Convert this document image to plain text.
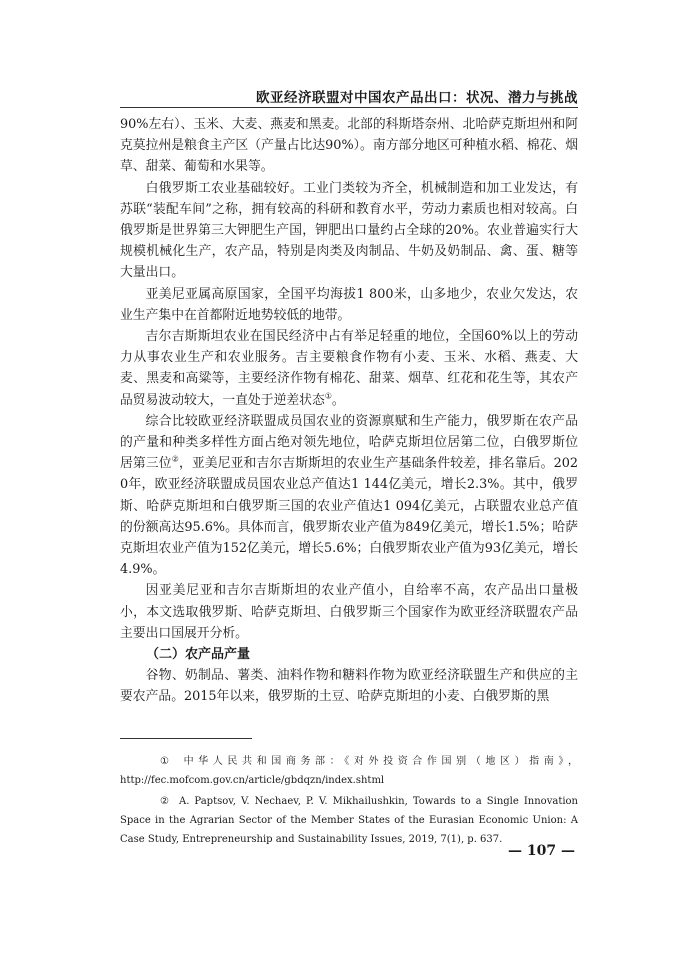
欧亚经济联盟对中国农产品出口：状况、潜力与挑战

90%左右）、玉米、大麦、燕麦和黑麦。北部的科斯塔奈州、北哈萨克斯坦州和阿克莫拉州是粮食主产区（产量占比达90%）。南方部分地区可种植水稻、棉花、烟草、甜菜、葡萄和水果等。

白俄罗斯工农业基础较好。工业门类较为齐全，机械制造和加工业发达，有苏联“装配车间”之称，拥有较高的科研和教育水平，劳动力素质也相对较高。白俄罗斯是世界第三大钾肥生产国，钾肥出口量约占全球的20%。农业普遍实行大规模机械化生产，农产品，特别是肉类及肉制品、牛奶及奶制品、禽、蛋、糖等大量出口。

亚美尼亚属高原国家，全国平均海拔1 800米，山多地少，农业欠发达，农业生产集中在首都附近地势较低的地带。

吉尔吉斯斯坦农业在国民经济中占有举足轻重的地位，全国60%以上的劳动力从事农业生产和农业服务。吉主要粮食作物有小麦、玉米、水稻、燕麦、大麦、黑麦和高粱等，主要经济作物有棉花、甜菜、烟草、红花和花生等，其农产品贸易波动较大，一直处于逆差状态①。

综合比较欧亚经济联盟成员国农业的资源禀赋和生产能力，俄罗斯在农产品的产量和种类多样性方面占绝对领先地位，哈萨克斯坦位居第二位，白俄罗斯位居第三位②，亚美尼亚和吉尔吉斯斯坦的农业生产基础条件较差，排名靠后。2020年，欧亚经济联盟成员国农业总产值达1 144亿美元，增长2.3%。其中，俄罗斯、哈萨克斯坦和白俄罗斯三国的农业产值达1 094亿美元，占联盟农业总产值的份额高达95.6%。具体而言，俄罗斯农业产值为849亿美元，增长1.5%；哈萨克斯坦农业产值为152亿美元，增长5.6%；白俄罗斯农业产值为93亿美元，增长4.9%。

因亚美尼亚和吉尔吉斯斯坦的农业产值小，自给率不高，农产品出口量极小，本文选取俄罗斯、哈萨克斯坦、白俄罗斯三个国家作为欧亚经济联盟农产品主要出口国展开分析。

（二）农产品产量

谷物、奶制品、薯类、油料作物和糖料作物为欧亚经济联盟生产和供应的主要农产品。2015年以来，俄罗斯的土豆、哈萨克斯坦的小麦、白俄罗斯的黑

① 中华人民共和国商务部：《对外投资合作国别（地区）指南》，http://fec.mofcom.gov.cn/article/gbdqzn/index.shtml
② A. Paptsov, V. Nechaev, P. V. Mikhailushkin, Towards to a Single Innovation Space in the Agrarian Sector of the Member States of the Eurasian Economic Union: A Case Study, Entrepreneurship and Sustainability Issues, 2019, 7(1), p. 637.
— 107 —
